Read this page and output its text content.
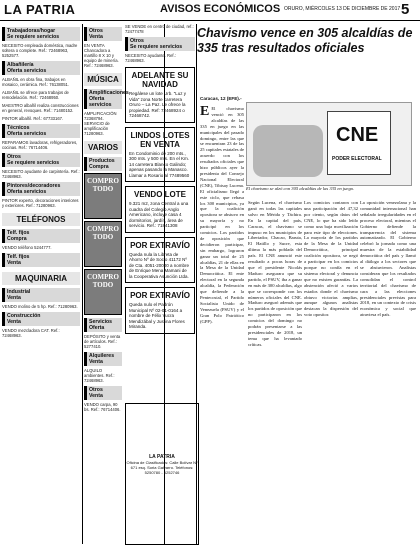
LA PATRIA	AVISOS ECONÓMICOS ORURO, MIÉRCOLES 13 DE DICIEMBRE DE 2017 5
Trabajadoras/hogar
Se requiere servicios
NECESITO empleada doméstica, madre soltera o complete. Ref.: 72468963, 5252577.
Albañilería
Oferta servicios
ALBAÑIL en obra fina, trabajos en mosaico, cerámica. Ref.: 76138051.
ALBAÑIL se ofrece para trabajos de remodelación. Ref.: 72468950.
MAESTRO albañil realiza construcciones en general, revoques. Ref.: 71480152.
PINTOR albañil. Ref.: 67733167.
Técnicos
Oferta servicios
REPARAMOS lavadoras, refrigeradores, cocinas. Ref.: 76714406.
Otros
Se requiere servicios
NECESITO ayudante de carpintería. Ref.: 72468963.
Pintores/decoradores
Oferta servicios
PINTOR experto, decoraciones interiores y exteriores. Ref.: 71280963.
TELÉFONOS
Telf. fijos
Compra
VENDO teléfono 5244777.
Telf. fijos
Venta
MAQUINARIA
Industrial
Venta
VENDO molino de 5 hp. Ref.: 71280963.
Construcción
Venta
VENDO mezcladora CAT. Ref.: 72468963.
Otros
Venta
EN VENTA Chancadora a martillo 8 X 10 y equipo de minería. Ref.: 72468963.
MÚSICA
Amplificaciones
Oferta servicios
AMPLIFICACIÓN 72368794. SERVICIO de amplificación 71280963.
VARIOS
Productos
Compra
COMPRO TODO
COMPRO TODO
COMPRO TODO
Servicios
Oferta
DEPÓSITO y venta de artículos. Ref.: 5277410.
Alquileres
Venta
ALQUILO ambientes. Ref.: 72468963.
Otros
Venta
VENDO carpa, 90 bs. Ref.: 76714406.
SE VENDE en centro de ciudad, ref.: 72477478
Otros
Se requiere servicios
NECESITO ayudante. Ref.: 72468963.
ADELANTE SU NAVIDAD
Regálese un lote Urb. “Luz y Vida” zona Norte carretera Oruro – La Paz. Le ofrece la propiedad. Ref: 72468924 o 72468742.
LINDOS LOTES EN VENTA
En Condominio de 200 mts., 300 mts. y 500 mts. En el Km. 14 carretera Blanco Galindo; apenas pasando la Manasco. Llamar a Rosario al 77489560
VENDO LOTE
9.321 m2, zona Central a una cuadra del Colegio Anglo Americano, incluye casa 4 dormitorios, jardín, área de servicio. Ref.: 71841308
POR EXTRAVÍO
Queda nula la Libreta de Ahorro Nº de Socio 41172 Nº de Cta. 4051-20000 a nombre de Enrique Mena Mamani de la Cooperativa Asunción Ltda.
POR EXTRAVÍO
Queda nulo el Padrón Municipal Nº 02-01-0164 a nombre de Félix Yucra Mendizábal y Justina Flores Miranda.
Chavismo vence en 305 alcaldías de 335 tras resultados oficiales
Caracas, 12 (EFE).-
E El chavismo venció en 305 alcaldías de las 335 en juego en las municipales del pasado domingo, entre las que se encuentran 23 de las 25 capitales estatales de acuerdo con los resultados oficiales que hizo públicos ayer la presidenta del Consejo Nacional Electoral (CNE), Tibisay Lucena. El oficialismo llegó a este ciclo, que rebasa los 300 municipios, ya que la coalición opositora se abstuvo en su mayoría y no participó en los comicios. Los partidos de oposición que decidieron participar, sin embargo, lograron ganar un total de 25 alcaldías, 21 de ellas en la Mesa de la Unidad Democrática. El ente electoral en la segunda alcaldía, la Federación que defiende a la Pentecostal, el Partido Socialista Unido de Venezuela (PSUV) y el Gran Polo Patriótico (GPP).
CNE
PODER ELECTORAL
El chavismo se alzó con 305 alcaldías de las 335 en juego.
Según Lucena, el chavismo ganó en todas las capitales salvo en Mérida y Táchira. En la capital del país, Caracas, el chavismo se impuso en los municipios de Libertador, Chacao, Baruta, El Hatillo y Sucre, esta última la más poblada del país. El CNE anunció este resultado a pocas horas de que el presidente Nicolás Maduro asegurara que su partido, el PSUV, iba a ganar en más de 300 alcaldías, algo que se corresponde con los números oficiales del CNE. Maduro aseguró además que los partidos de oposición que no participaron en los comicios del domingo no podrán presentarse a las presidenciales de 2018, un tema que ha levantado críticas.
Los comicios contaron con una participación del 47,32 por ciento, según datos del CNE, lo que ha sido leído como una baja movilización para este tipo de elecciones. La mayoría de los partidos de la Mesa de la Unidad Democrática, principal coalición opositora, se negó a participar en los comicios porque no confía en el sistema electoral y denuncia que no existen garantías. La abstención afectó a varios estados donde el chavismo obtuvo victorias amplias, aunque algunos analistas destacan la dispersión del voto opositor.
La oposición venezolana y la comunidad internacional han señalado irregularidades en el proceso electoral, mientras el Gobierno defiende la transparencia del sistema automatizado. El Gobierno celebró la jornada como una muestra de la estabilidad democrática del país y llamó al diálogo a los sectores que se abstuvieron. Analistas consideran que los resultados consolidan el control territorial del chavismo de cara a las elecciones presidenciales previstas para 2018, en un contexto de crisis económica y social que atraviesa el país.
LA PATRIA
Oficina de Clasificados: Calle Bolívar Nº 671 esq. Soria Galvarro. Teléfonos: 5250780 - 5252746
